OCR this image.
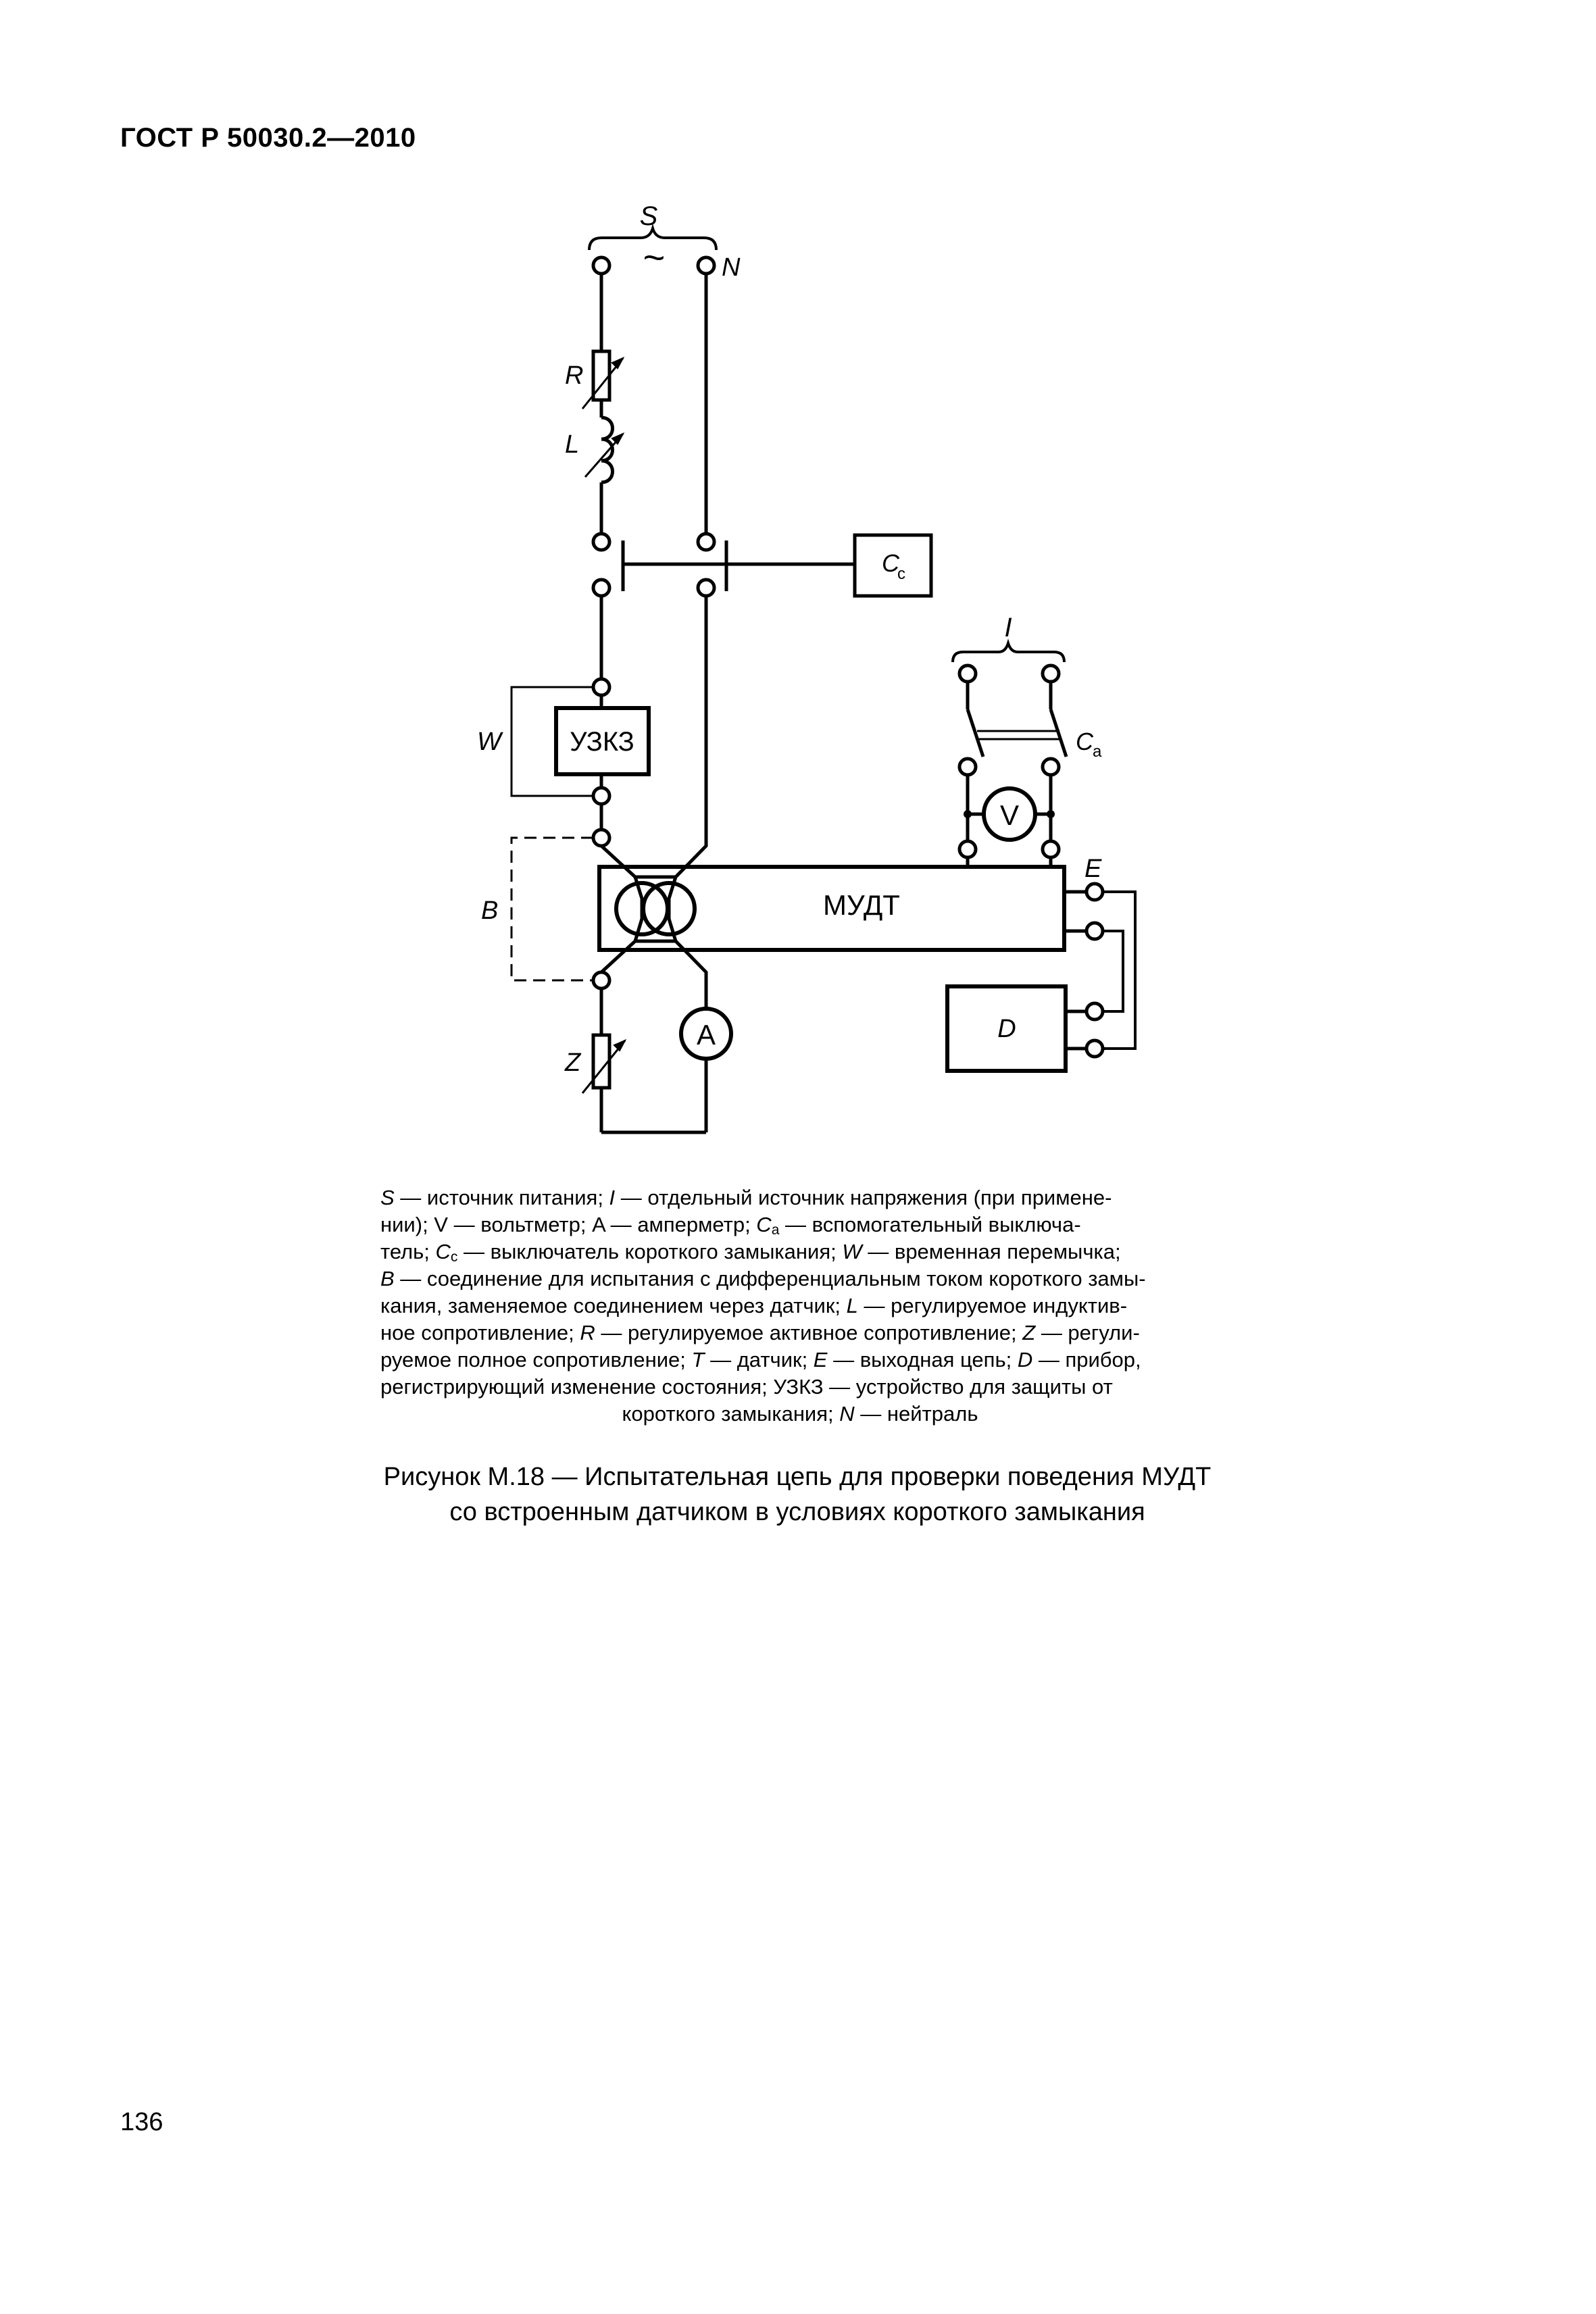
ГОСТ Р 50030.2—2010
S
~ N
R
L
C
c
УЗКЗ
W
B	МУДТ
Z
A
I
C a
V
E
D
S — источник питания; I — отдельный источник напряжения (при примене-
нии); V — вольтметр; A — амперметр; $C_a$ — вспомогательный выключа-
тель; $C_c$ — выключатель короткого замыкания; W — временная перемычка;
B — соединение для испытания с дифференциальным током короткого замы-
кания, заменяемое соединением через датчик; L — регулируемое индуктив-
ное сопротивление; R — регулируемое активное сопротивление; Z — регули-
руемое полное сопротивление; T — датчик; E — выходная цепь; D — прибор,
регистрирующий изменение состояния; УЗКЗ — устройство для защиты от
короткого замыкания; N — нейтраль
Рисунок М.18 — Испытательная цепь для проверки поведения МУДТ
со встроенным датчиком в условиях короткого замыкания
136
